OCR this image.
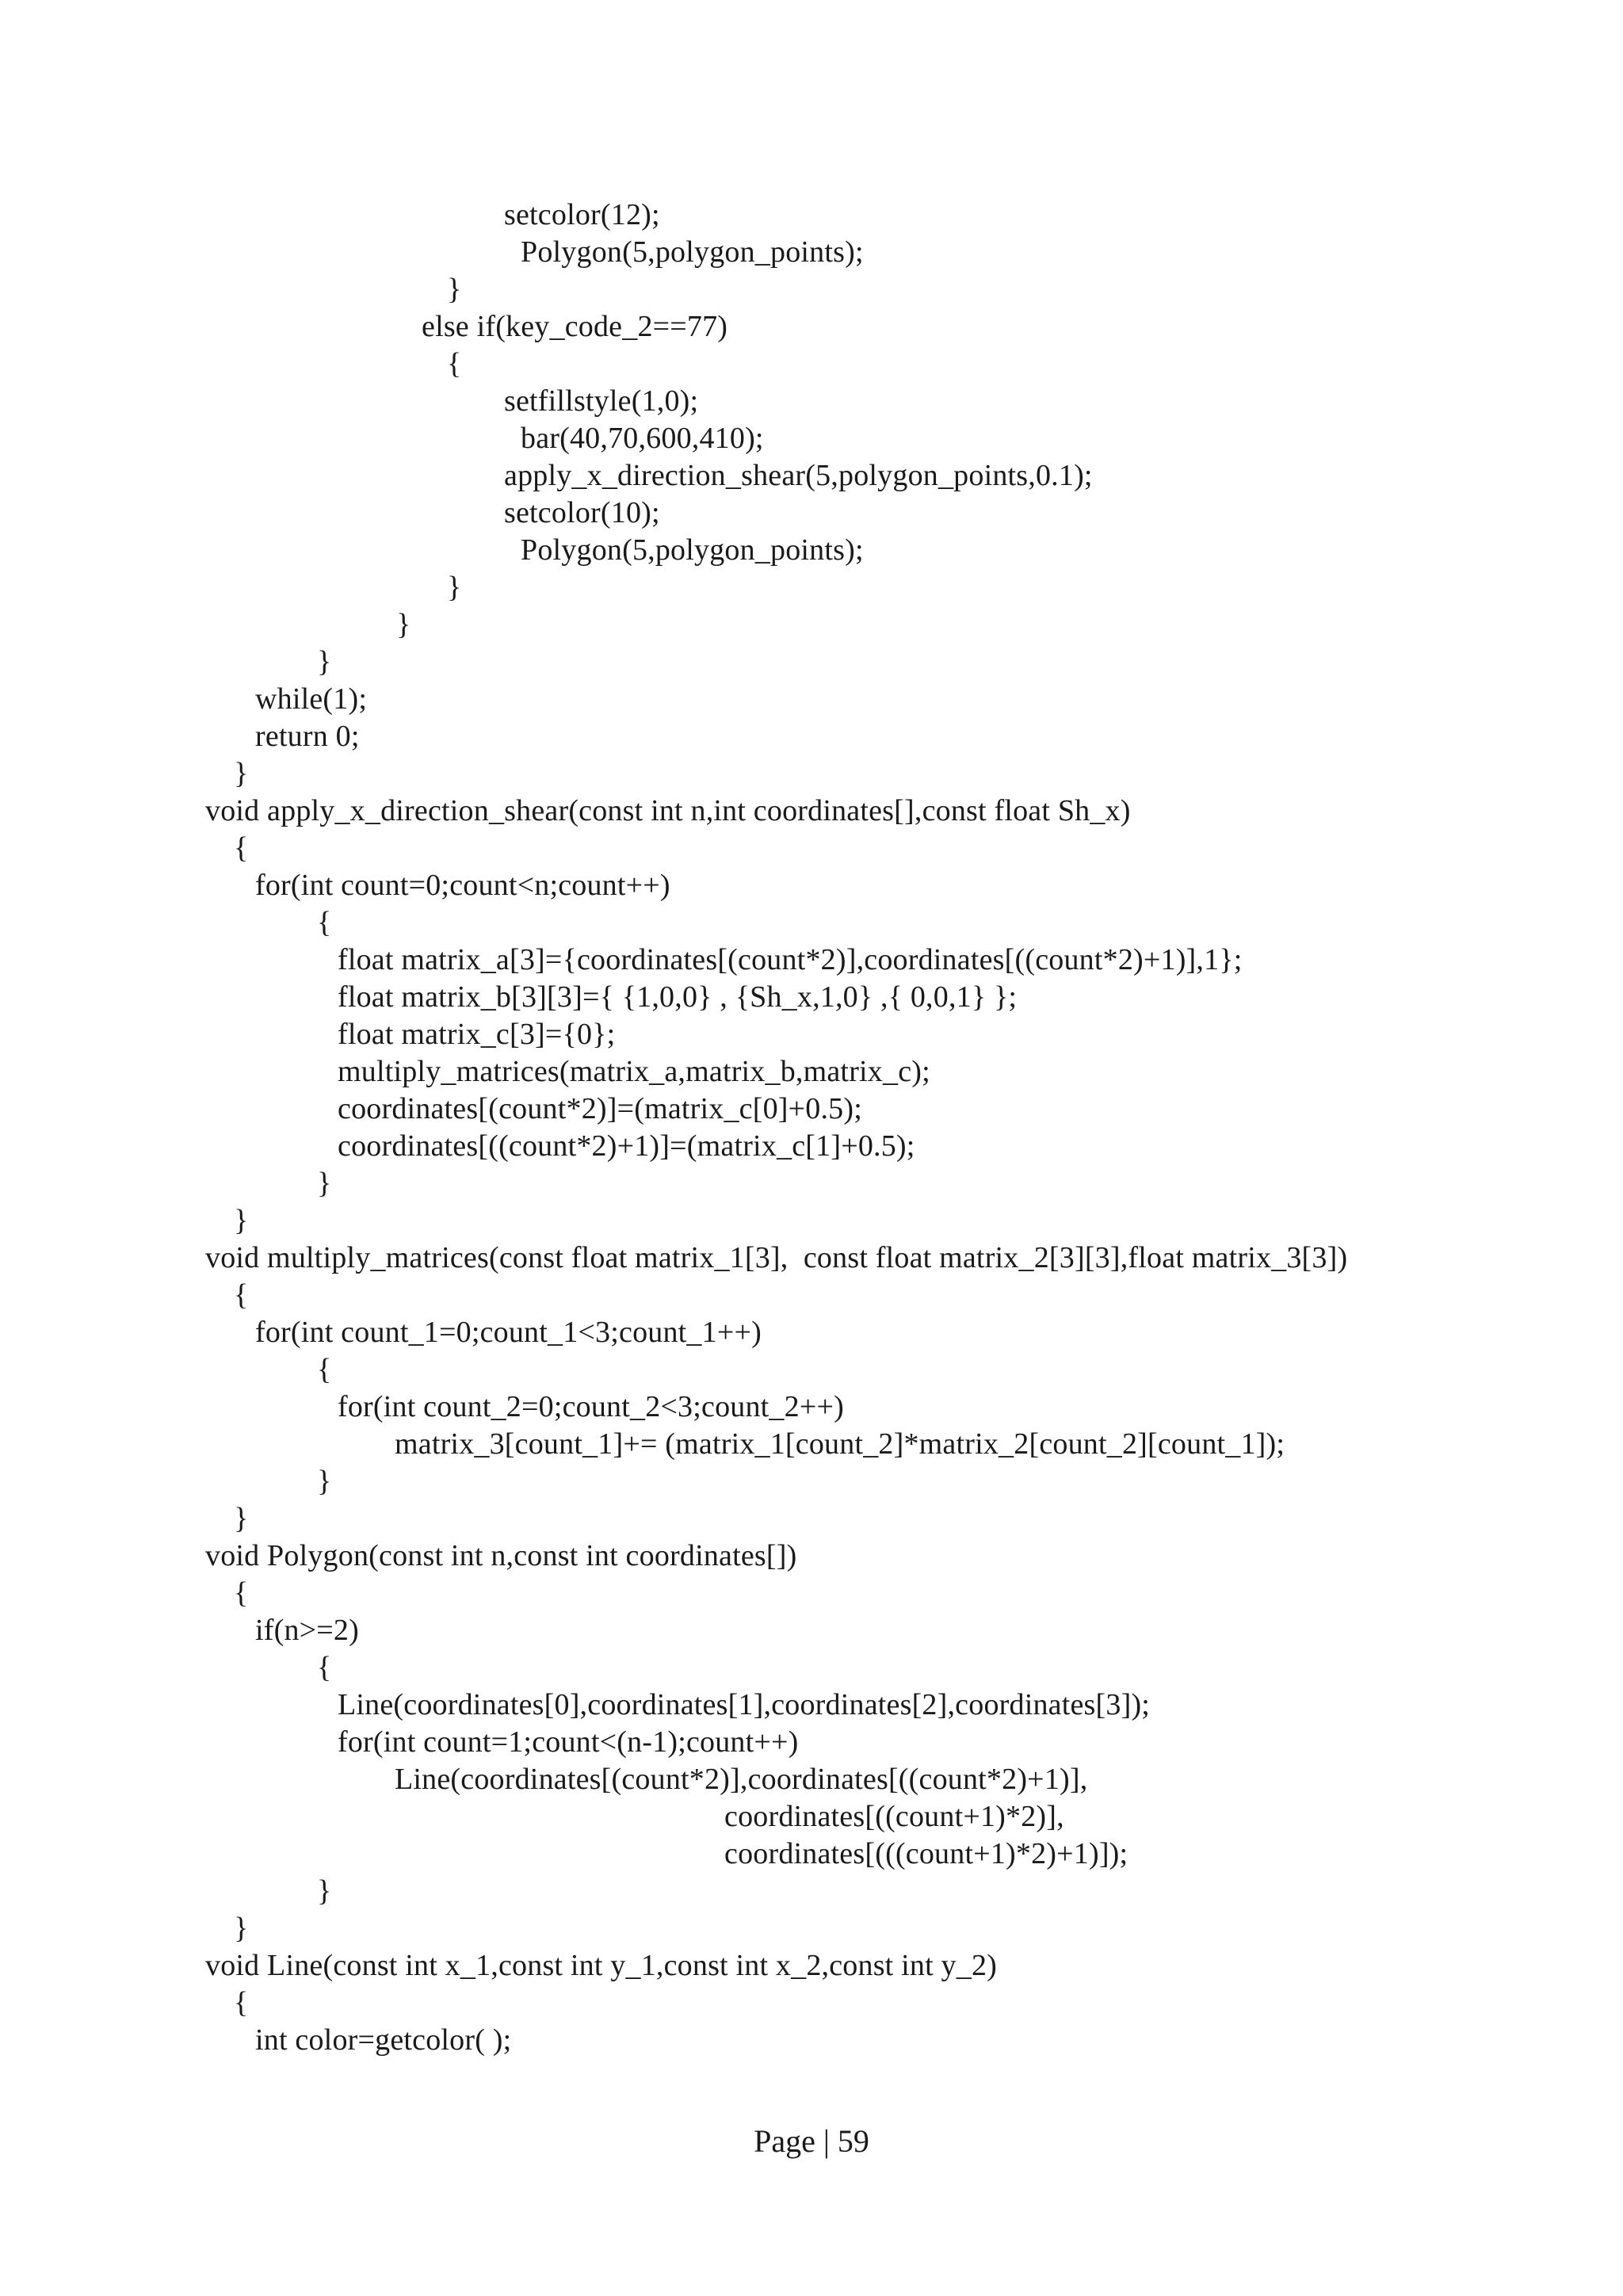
setcolor(12);
Polygon(5,polygon_points);
}
else if(key_code_2==77)
{
setfillstyle(1,0);
bar(40,70,600,410);
apply_x_direction_shear(5,polygon_points,0.1);
setcolor(10);
Polygon(5,polygon_points);
}
}
}
while(1);
return 0;
}
void apply_x_direction_shear(const int n,int coordinates[],const float Sh_x)
{
for(int count=0;count<n;count++)
{
float matrix_a[3]={coordinates[(count*2)],coordinates[((count*2)+1)],1};
float matrix_b[3][3]={ {1,0,0} , {Sh_x,1,0} ,{ 0,0,1} };
float matrix_c[3]={0};
multiply_matrices(matrix_a,matrix_b,matrix_c);
coordinates[(count*2)]=(matrix_c[0]+0.5);
coordinates[((count*2)+1)]=(matrix_c[1]+0.5);
}
}
void multiply_matrices(const float matrix_1[3],  const float matrix_2[3][3],float matrix_3[3])
{
for(int count_1=0;count_1<3;count_1++)
{
for(int count_2=0;count_2<3;count_2++)
matrix_3[count_1]+= (matrix_1[count_2]*matrix_2[count_2][count_1]);
}
}
void Polygon(const int n,const int coordinates[])
{
if(n>=2)
{
Line(coordinates[0],coordinates[1],coordinates[2],coordinates[3]);
for(int count=1;count<(n-1);count++)
Line(coordinates[(count*2)],coordinates[((count*2)+1)],
coordinates[((count+1)*2)],
coordinates[(((count+1)*2)+1)]);
}
}
void Line(const int x_1,const int y_1,const int x_2,const int y_2)
{
int color=getcolor( );
Page | 59
